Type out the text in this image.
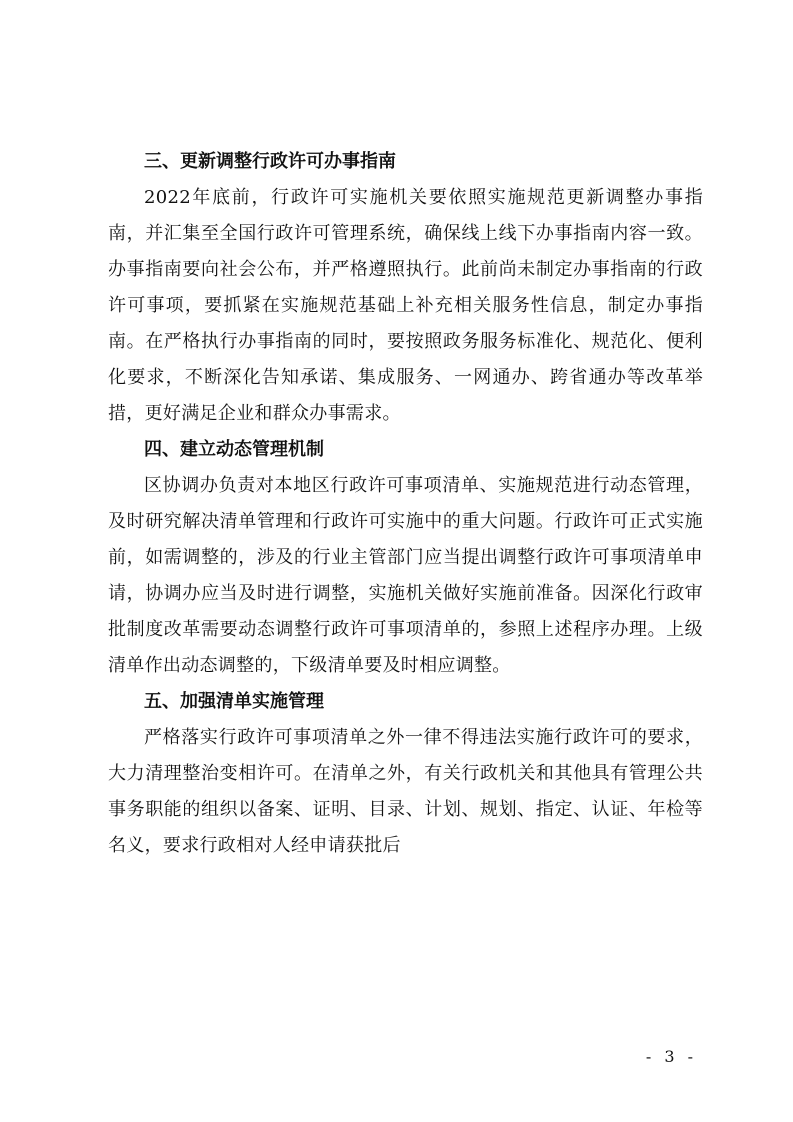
三、更新调整行政许可办事指南

2022年底前，行政许可实施机关要依照实施规范更新调整办事指南，并汇集至全国行政许可管理系统，确保线上线下办事指南内容一致。办事指南要向社会公布，并严格遵照执行。此前尚未制定办事指南的行政许可事项，要抓紧在实施规范基础上补充相关服务性信息，制定办事指南。在严格执行办事指南的同时，要按照政务服务标准化、规范化、便利化要求，不断深化告知承诺、集成服务、一网通办、跨省通办等改革举措，更好满足企业和群众办事需求。

四、建立动态管理机制

区协调办负责对本地区行政许可事项清单、实施规范进行动态管理，及时研究解决清单管理和行政许可实施中的重大问题。行政许可正式实施前，如需调整的，涉及的行业主管部门应当提出调整行政许可事项清单申请，协调办应当及时进行调整，实施机关做好实施前准备。因深化行政审批制度改革需要动态调整行政许可事项清单的，参照上述程序办理。上级清单作出动态调整的，下级清单要及时相应调整。

五、加强清单实施管理

严格落实行政许可事项清单之外一律不得违法实施行政许可的要求，大力清理整治变相许可。在清单之外，有关行政机关和其他具有管理公共事务职能的组织以备案、证明、目录、计划、规划、指定、认证、年检等名义，要求行政相对人经申请获批后

- 3 -
